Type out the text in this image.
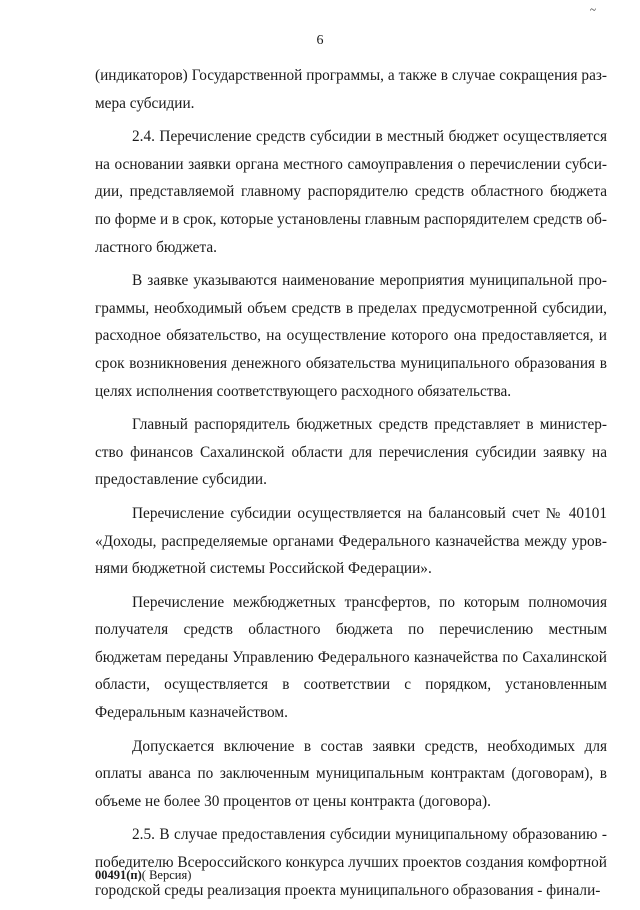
~
6

(индикаторов) Государственной программы, а также в случае сокращения раз-мера субсидии.

2.4. Перечисление средств субсидии в местный бюджет осуществляется на основании заявки органа местного самоуправления о перечислении субси-дии, представляемой главному распорядителю средств областного бюджета по форме и в срок, которые установлены главным распорядителем средств об-ластного бюджета.

В заявке указываются наименование мероприятия муниципальной про-граммы, необходимый объем средств в пределах предусмотренной субсидии, расходное обязательство, на осуществление которого она предоставляется, и срок возникновения денежного обязательства муниципального образования в целях исполнения соответствующего расходного обязательства.

Главный распорядитель бюджетных средств представляет в министер-ство финансов Сахалинской области для перечисления субсидии заявку на предоставление субсидии.

Перечисление субсидии осуществляется на балансовый счет № 40101 «Доходы, распределяемые органами Федерального казначейства между уров-нями бюджетной системы Российской Федерации».

Перечисление межбюджетных трансфертов, по которым полномочия получателя средств областного бюджета по перечислению местным бюджетам переданы Управлению Федерального казначейства по Сахалинской области, осуществляется в соответствии с порядком, установленным Федеральным казначейством.

Допускается включение в состав заявки средств, необходимых для оплаты аванса по заключенным муниципальным контрактам (договорам), в объеме не более 30 процентов от цены контракта (договора).

2.5. В случае предоставления субсидии муниципальному образованию - победителю Всероссийского конкурса лучших проектов создания комфортной городской среды реализация проекта муниципального образования - финали-

00491(п)( Версия)
